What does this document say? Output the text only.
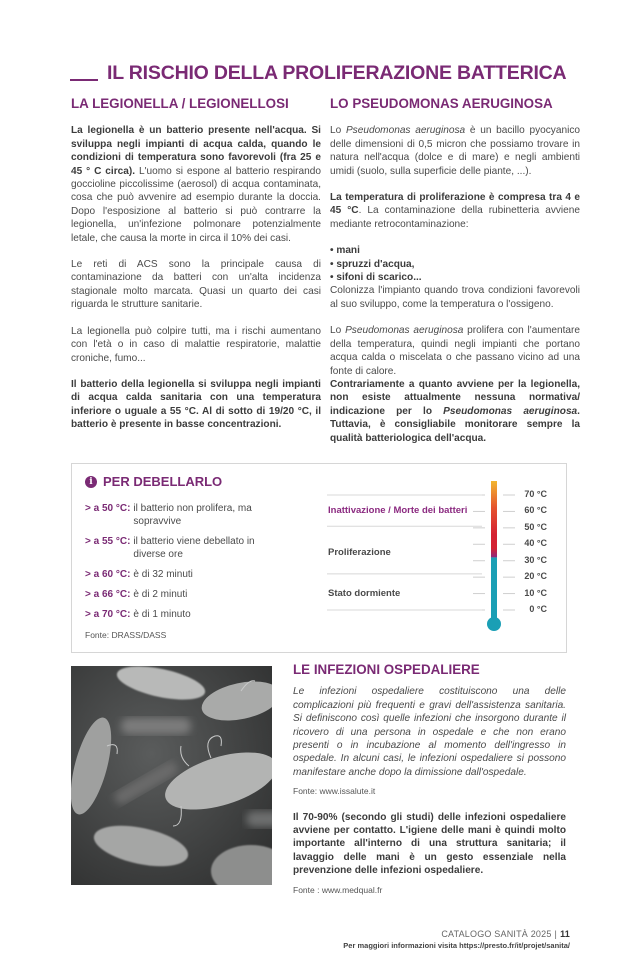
IL RISCHIO DELLA PROLIFERAZIONE BATTERICA
LA LEGIONELLA / LEGIONELLOSI

La legionella è un batterio presente nell'acqua. Si sviluppa negli impianti di acqua calda, quando le condizioni di temperatura sono favorevoli (fra 25 e 45 ° C circa). L'uomo si espone al batterio respirando goccioline piccolissime (aerosol) di acqua contaminata, cosa che può avvenire ad esempio durante la doccia. Dopo l'esposizione al batterio si può contrarre la legionella, un'infezione polmonare potenzialmente letale, che causa la morte in circa il 10% dei casi.

Le reti di ACS sono la principale causa di contaminazione da batteri con un'alta incidenza stagionale molto marcata. Quasi un quarto dei casi riguarda le strutture sanitarie.

La legionella può colpire tutti, ma i rischi aumentano con l'età o in caso di malattie respiratorie, malattie croniche, fumo...

Il batterio della legionella si sviluppa negli impianti di acqua calda sanitaria con una temperatura inferiore o uguale a 55 °C. Al di sotto di 19/20 °C, il batterio è presente in basse concentrazioni.

LO PSEUDOMONAS AERUGINOSA

Lo Pseudomonas aeruginosa è un bacillo pyocyanico delle dimensioni di 0,5 micron che possiamo trovare in natura nell'acqua (dolce e di mare) e negli ambienti umidi (suolo, sulla superficie delle piante, ...).

La temperatura di proliferazione è compresa tra 4 e 45 °C. La contaminazione della rubinetteria avviene mediante retrocontaminazione:

• mani
• spruzzi d'acqua,
• sifoni di scarico...
Colonizza l'impianto quando trova condizioni favorevoli al suo sviluppo, come la temperatura o l'ossigeno.

Lo Pseudomonas aeruginosa prolifera con l'aumentare della temperatura, quindi negli impianti che portano acqua calda o miscelata o che passano vicino ad una fonte di calore.

Contrariamente a quanto avviene per la legionella, non esiste attualmente nessuna normativa/ indicazione per lo Pseudomonas aeruginosa. Tuttavia, è consigliabile monitorare sempre la qualità batteriologica dell'acqua.

i PER DEBELLARLO
> a 50 °C: il batterio non prolifera, ma sopravvive
> a 55 °C: il batterio viene debellato in diverse ore
> a 60 °C: è di 32 minuti
> a 66 °C: è di 2 minuti
> a 70 °C: è di 1 minuto
Fonte: DRASS/DASS
70 °C
60 °C
50 °C
40 °C
30 °C
20 °C
10 °C
0 °C
Inattivazione / Morte dei batteri
Proliferazione
Stato dormiente
LE INFEZIONI OSPEDALIERE

Le infezioni ospedaliere costituiscono una delle complicazioni più frequenti e gravi dell'assistenza sanitaria. Si definiscono così quelle infezioni che insorgono durante il ricovero di una persona in ospedale e che non erano presenti o in incubazione al momento dell'ingresso in ospedale. In alcuni casi, le infezioni ospedaliere si possono manifestare anche dopo la dimissione dall'ospedale.

Fonte: www.issalute.it

Il 70-90% (secondo gli studi) delle infezioni ospedaliere avviene per contatto. L'igiene delle mani è quindi molto importante all'interno di una struttura sanitaria; il lavaggio delle mani è un gesto essenziale nella prevenzione delle infezioni ospedaliere.

Fonte : www.medqual.fr

CATALOGO SANITÀ 2025 | 11
Per maggiori informazioni visita https://presto.fr/it/projet/sanita/
